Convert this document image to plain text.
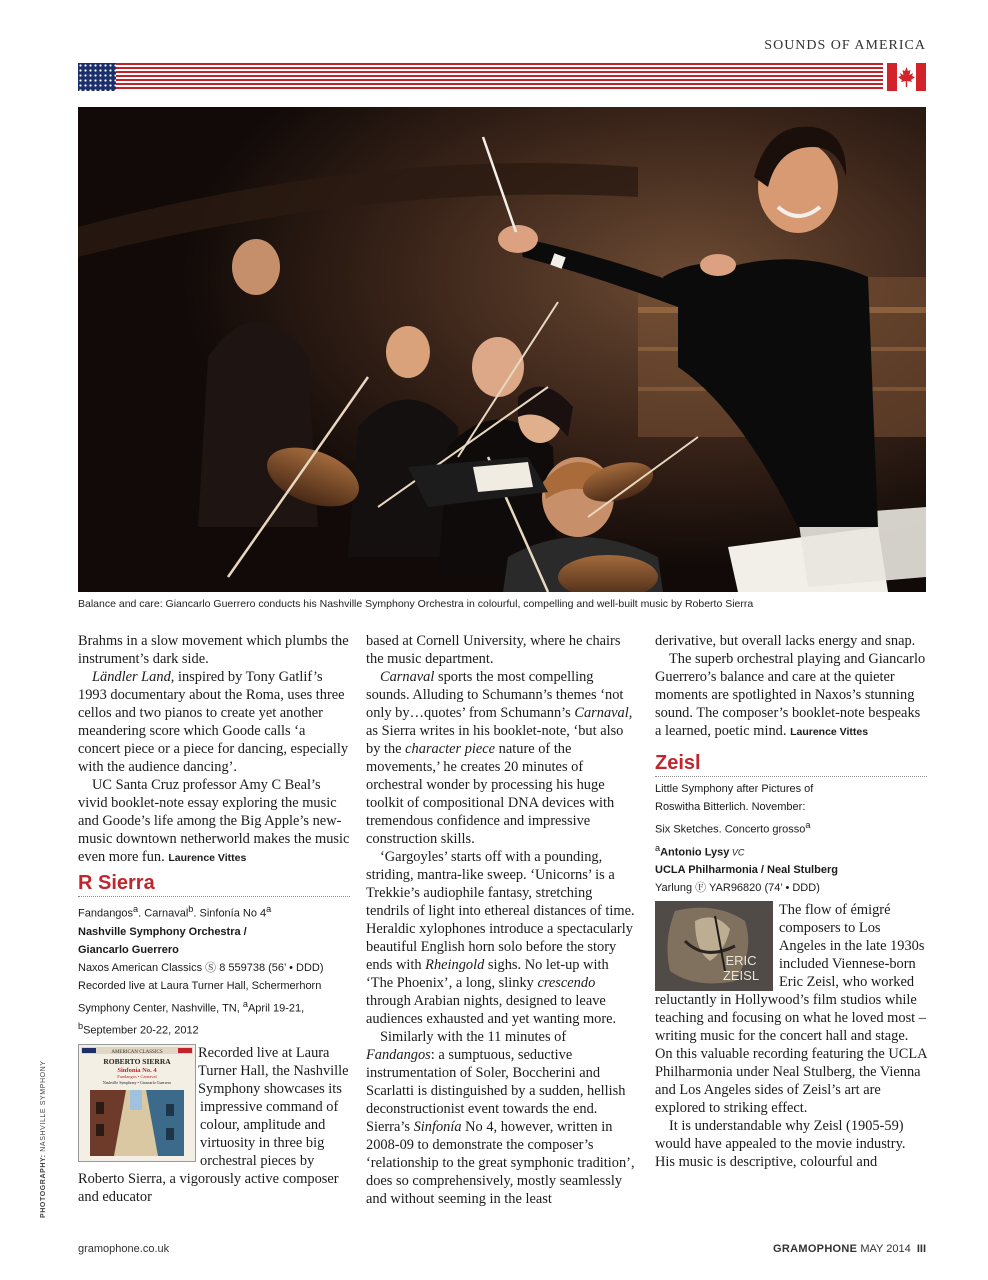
SOUNDS OF AMERICA
Balance and care: Giancarlo Guerrero conducts his Nashville Symphony Orchestra in colourful, compelling and well-built music by Roberto Sierra

Brahms in a slow movement which plumbs the instrument’s dark side.

Ländler Land, inspired by Tony Gatlif’s 1993 documentary about the Roma, uses three cellos and two pianos to create yet another meandering score which Goode calls ‘a concert piece or a piece for dancing, especially with the audience dancing’.

UC Santa Cruz professor Amy C Beal’s vivid booklet-note essay exploring the music and Goode’s life among the Big Apple’s new-music downtown netherworld makes the music even more fun. Laurence Vittes

R Sierra
Fandangos$^a$. Carnaval$^b$. Sinfonía No 4$^a$
Nashville Symphony Orchestra /
Giancarlo Guerrero
Naxos American Classics Ⓢ 8 559738 (56’ • DDD)
Recorded live at Laura Turner Hall, Schermerhorn
Symphony Center, Nashville, TN, $^a$April 19-21,
$^b$September 20-22, 2012
AMERICAN CLASSICS
ROBERTO SIERRA
Sinfonía No. 4
Fandangos • Carnaval
Nashville Symphony • Giancarlo Guerrero

Recorded live at Laura Turner Hall, the Nashville Symphony showcases its impressive command of colour, amplitude and virtuosity in three big orchestral pieces by Roberto Sierra, a vigorously active composer and educator

based at Cornell University, where he chairs the music department.

Carnaval sports the most compelling sounds. Alluding to Schumann’s themes ‘not only by…quotes’ from Schumann’s Carnaval, as Sierra writes in his booklet-note, ‘but also by the character piece nature of the movements,’ he creates 20 minutes of orchestral wonder by processing his huge toolkit of compositional DNA devices with tremendous confidence and impressive construction skills.

‘Gargoyles’ starts off with a pounding, striding, mantra-like sweep. ‘Unicorns’ is a Trekkie’s audiophile fantasy, stretching tendrils of light into ethereal distances of time. Heraldic xylophones introduce a spectacularly beautiful English horn solo before the story ends with Rheingold sighs. No let-up with ‘The Phoenix’, a long, slinky crescendo through Arabian nights, designed to leave audiences exhausted and yet wanting more.

Similarly with the 11 minutes of Fandangos: a sumptuous, seductive instrumentation of Soler, Boccherini and Scarlatti is distinguished by a sudden, hellish deconstructionist event towards the end. Sierra’s Sinfonía No 4, however, written in 2008-09 to demonstrate the composer’s ‘relationship to the great symphonic tradition’, does so comprehensively, mostly seamlessly and without seeming in the least

derivative, but overall lacks energy and snap.

The superb orchestral playing and Giancarlo Guerrero’s balance and care at the quieter moments are spotlighted in Naxos’s stunning sound. The composer’s booklet-note bespeaks a learned, poetic mind. Laurence Vittes

Zeisl
Little Symphony after Pictures of
Roswitha Bitterlich. November:
Six Sketches. Concerto grosso$^a$
$^a$Antonio Lysy VC
UCLA Philharmonia / Neal Stulberg
Yarlung Ⓕ YAR96820 (74’ • DDD)
ERIC
ZEISL

The flow of émigré composers to Los Angeles in the late 1930s included Viennese-born Eric Zeisl, who worked reluctantly in Hollywood’s film studios while teaching and focusing on what he loved most – writing music for the concert hall and stage. On this valuable recording featuring the UCLA Philharmonia under Neal Stulberg, the Vienna and Los Angeles sides of Zeisl’s art are explored to striking effect.

It is understandable why Zeisl (1905-59) would have appealed to the movie industry. His music is descriptive, colourful and

PHOTOGRAPHY: NASHVILLE SYMPHONY
gramophone.co.uk	GRAMOPHONE MAY 2014 III
